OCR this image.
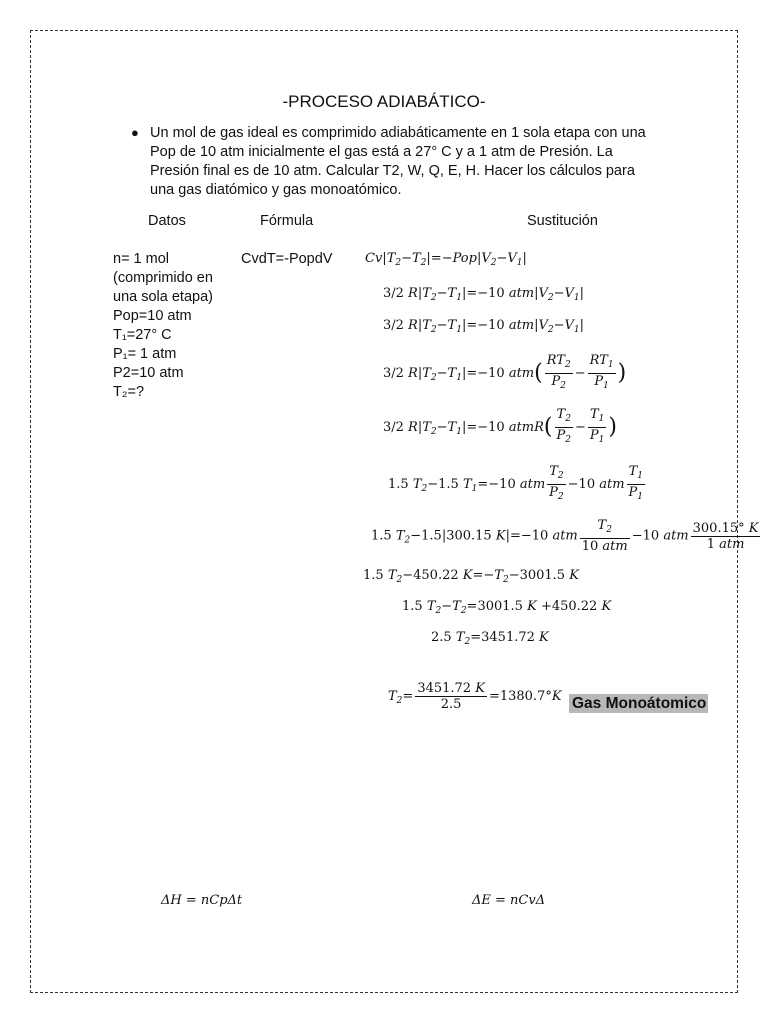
-PROCESO ADIABÁTICO-
● Un mol de gas ideal es comprimido adiabáticamente en 1 sola etapa con una Pop de 10 atm inicialmente el gas está a 27° C y a 1 atm de Presión. La Presión final es de 10 atm. Calcular T2, W, Q, E, H. Hacer los cálculos para una gas diatómico y gas monoatómico.
Datos	Fórmula	Sustitución
n= 1 mol
(comprimido en
una sola etapa)
Pop=10 atm
T₁=27° C
P₁= 1 atm
P2=10 atm
T₂=?
CvdT=-PopdV	$Cv|T_2-T_2|=-Pop|V_2-V_1|$
3/2 $R|T_2-T_1|=-10$ $atm|V_2-V_1|$
3/2 $R|T_2-T_1|=-10$ $atm|V_2-V_1|$
3/2 $R|T_2-T_1|=-10$ $atm( \frac{RT_2}{P_2} - \frac{RT_1}{P_1}$ )
3/2 $R|T_2-T_1|=-10$ atmR( $\frac{T_2}{P_2} - \frac{T_1}{P_1}$ )
1.5 $T_2-1.5$ $T_1=-10$ atm $\frac{T_2}{P_2} -10$ atm $\frac{T_1}{P_1}$
1.5 $T_2-1.5|300.15$ K|=−10 atm $\frac{T_2}{\text{10 atm}} -10$ atm $\frac{300.15^\circ K}{\text{1 atm}}$
1.5 $T_2-450.22$ $K=-T_2-3001.5$ K
1.5 $T_2-T_2=3001.5$ K +450.22 K
2.5 $T_2=3451.72$ K
$T_2= \frac{3451.72 K}{2.5} =1380.7^\circ K$ Gas Monoátomico
ΔH = nCpΔt	ΔE = nCvΔ
